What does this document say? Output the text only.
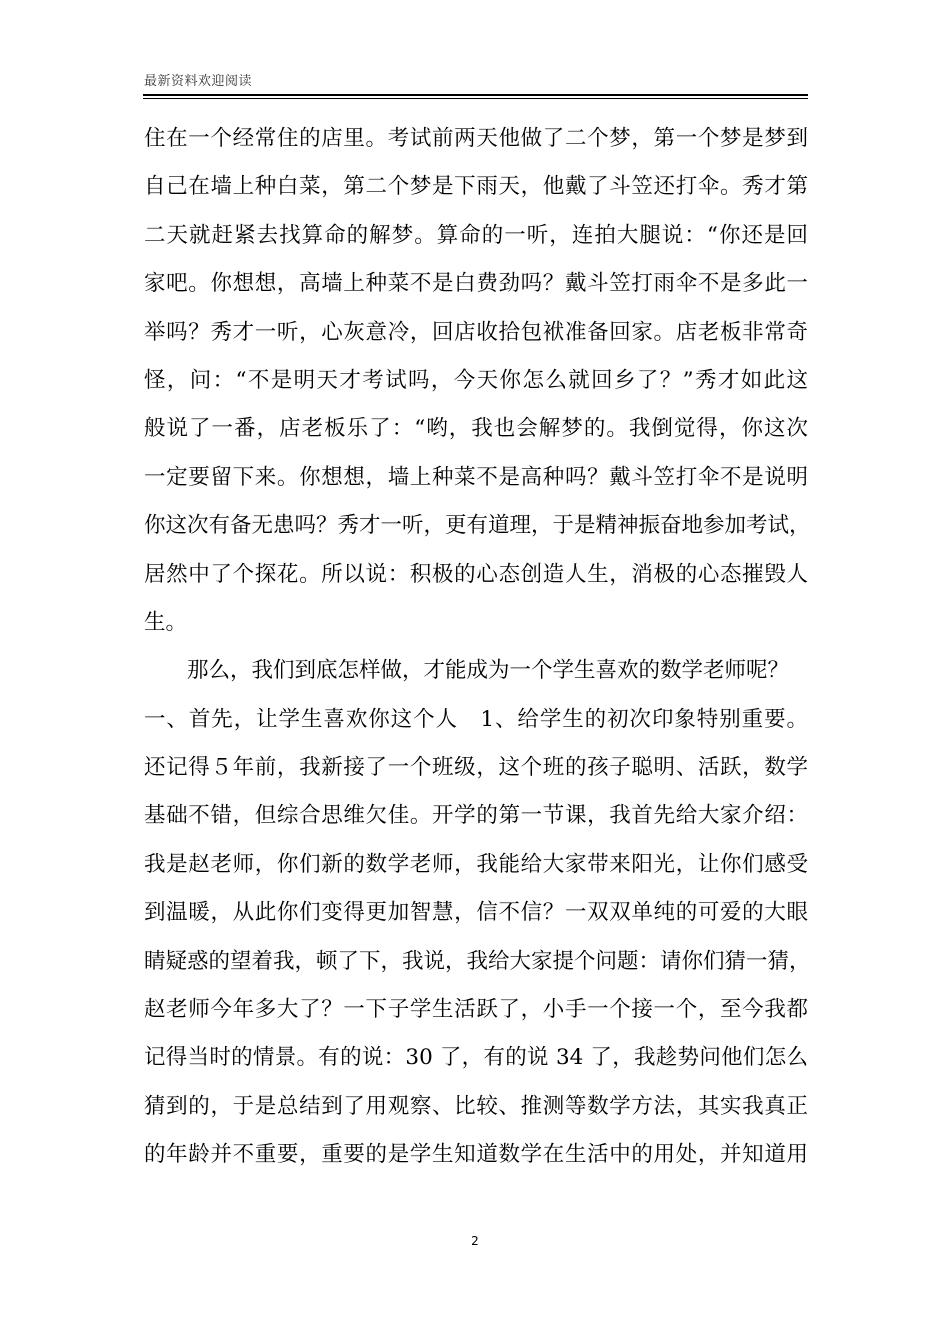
最新资料欢迎阅读
住在一个经常住的店里。考试前两天他做了二个梦，第一个梦是梦到
自己在墙上种白菜，第二个梦是下雨天，他戴了斗笠还打伞。秀才第
二天就赶紧去找算命的解梦。算命的一听，连拍大腿说：“你还是回
家吧。你想想，高墙上种菜不是白费劲吗？戴斗笠打雨伞不是多此一
举吗？秀才一听，心灰意冷，回店收拾包袱准备回家。店老板非常奇
怪，问：“不是明天才考试吗，今天你怎么就回乡了？”秀才如此这
般说了一番，店老板乐了：“哟，我也会解梦的。我倒觉得，你这次
一定要留下来。你想想，墙上种菜不是高种吗？戴斗笠打伞不是说明
你这次有备无患吗？秀才一听，更有道理，于是精神振奋地参加考试，
居然中了个探花。所以说：积极的心态创造人生，消极的心态摧毁人
生。
那么，我们到底怎样做，才能成为一个学生喜欢的数学老师呢？
一、首先，让学生喜欢你这个人　1、给学生的初次印象特别重要。
还记得５年前，我新接了一个班级，这个班的孩子聪明、活跃，数学
基础不错，但综合思维欠佳。开学的第一节课，我首先给大家介绍：
我是赵老师，你们新的数学老师，我能给大家带来阳光，让你们感受
到温暖，从此你们变得更加智慧，信不信？一双双单纯的可爱的大眼
睛疑惑的望着我，顿了下，我说，我给大家提个问题：请你们猜一猜，
赵老师今年多大了？一下子学生活跃了，小手一个接一个，至今我都
记得当时的情景。有的说：30 了，有的说 34 了，我趁势问他们怎么
猜到的，于是总结到了用观察、比较、推测等数学方法，其实我真正
的年龄并不重要，重要的是学生知道数学在生活中的用处，并知道用
2
